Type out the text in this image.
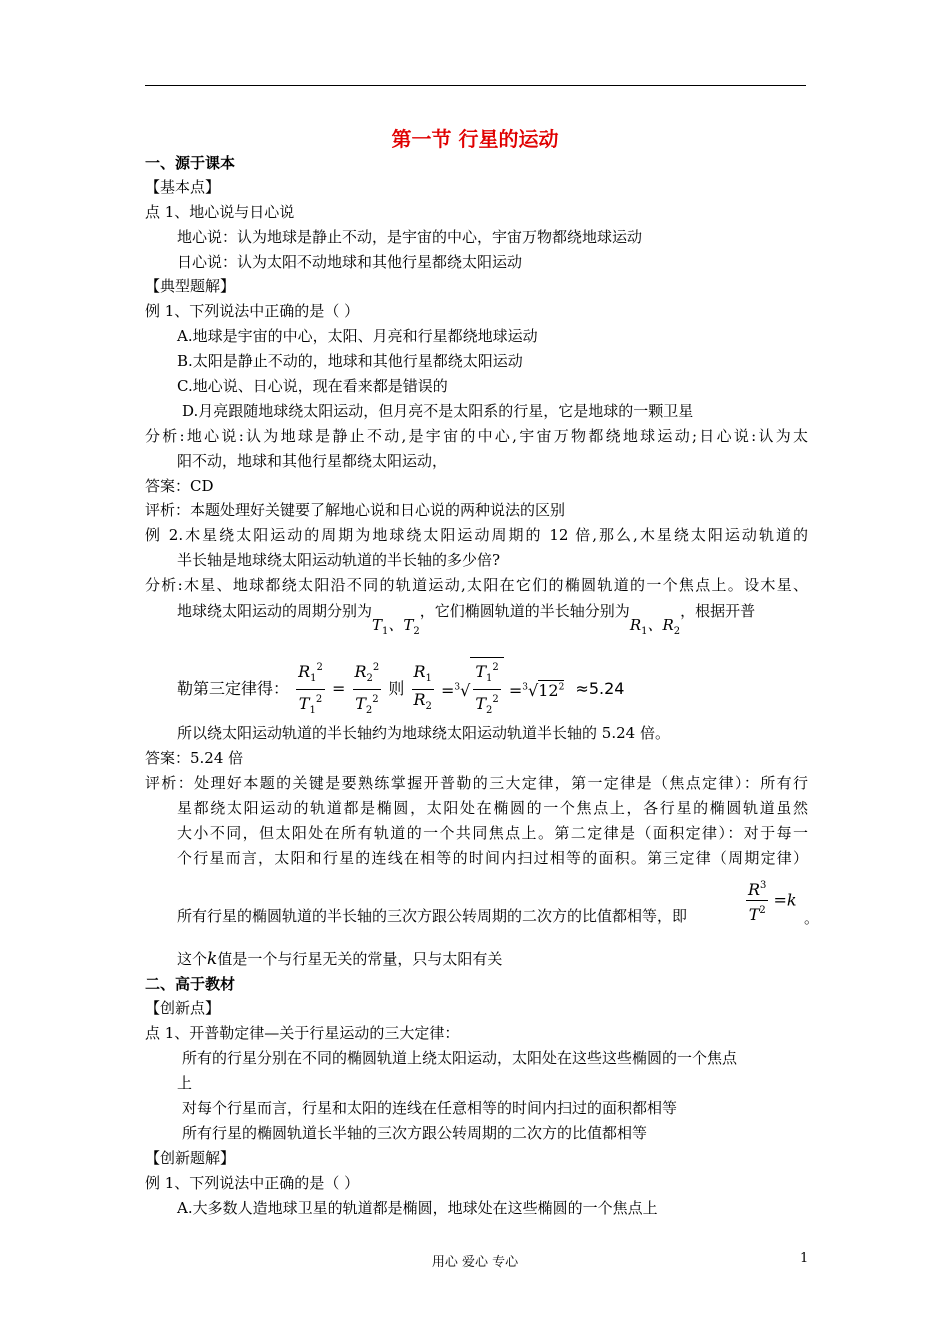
第一节 行星的运动
一、源于课本
【基本点】
点 1、地心说与日心说
地心说：认为地球是静止不动，是宇宙的中心，宇宙万物都绕地球运动
日心说：认为太阳不动地球和其他行星都绕太阳运动
【典型题解】
例 1、下列说法中正确的是（ ）
A.地球是宇宙的中心，太阳、月亮和行星都绕地球运动
B.太阳是静止不动的，地球和其他行星都绕太阳运动
C.地心说、日心说，现在看来都是错误的
D.月亮跟随地球绕太阳运动，但月亮不是太阳系的行星，它是地球的一颗卫星
分析:地心说:认为地球是静止不动,是宇宙的中心,宇宙万物都绕地球运动;日心说:认为太
阳不动，地球和其他行星都绕太阳运动，
答案：CD
评析：本题处理好关键要了解地心说和日心说的两种说法的区别
例 2.木星绕太阳运动的周期为地球绕太阳运动周期的 12 倍,那么,木星绕太阳运动轨道的
半长轴是地球绕太阳运动轨道的半长轴的多少倍?
分析:木星、地球都绕太阳沿不同的轨道运动,太阳在它们的椭圆轨道的一个焦点上。设木星、
地球绕太阳运动的周期分别为$T_1$、$T_2$，它们椭圆轨道的半长轴分别为$R_1$、$R_2$，根据开普
勒第三定律得： $\frac{R_1^2}{T_1^2} = \frac{R_2^2}{T_2^2}$ 则 $\frac{R_1}{R_2} =^3√ \frac{T_1^2}{T_2^2} =^3√12^2 \approx 5.24$
所以绕太阳运动轨道的半长轴约为地球绕太阳运动轨道半长轴的 5.24 倍。
答案：5.24 倍
评析：处理好本题的关键是要熟练掌握开普勒的三大定律，第一定律是（焦点定律）：所有行
星都绕太阳运动的轨道都是椭圆，太阳处在椭圆的一个焦点上，各行星的椭圆轨道虽然
大小不同，但太阳处在所有轨道的一个共同焦点上。第二定律是（面积定律）：对于每一
个行星而言，太阳和行星的连线在相等的时间内扫过相等的面积。第三定律（周期定律）
所有行星的椭圆轨道的半长轴的三次方跟公转周期的二次方的比值都相等，即	$\frac{R^3}{T^2} =k$
。
这个k值是一个与行星无关的常量，只与太阳有关
二、高于教材
【创新点】
点 1、开普勒定律—关于行星运动的三大定律：
所有的行星分别在不同的椭圆轨道上绕太阳运动，太阳处在这些这些椭圆的一个焦点
上
对每个行星而言，行星和太阳的连线在任意相等的时间内扫过的面积都相等
所有行星的椭圆轨道长半轴的三次方跟公转周期的二次方的比值都相等
【创新题解】
例 1、下列说法中正确的是（ ）
A.大多数人造地球卫星的轨道都是椭圆，地球处在这些椭圆的一个焦点上
用心 爱心 专心	1
